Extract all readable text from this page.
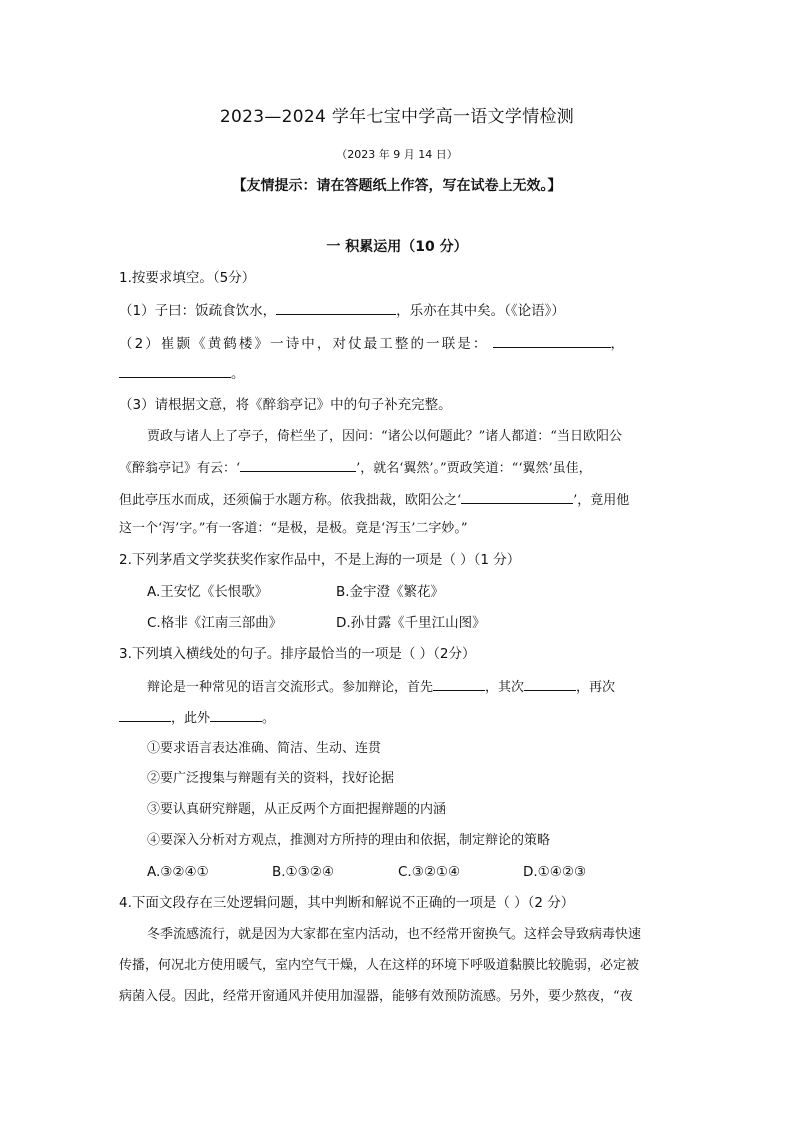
2023—2024 学年七宝中学高一语文学情检测
（2023 年 9 月 14 日）
【友情提示：请在答题纸上作答，写在试卷上无效。】
一 积累运用（10 分）
1.按要求填空。（5分）
（1）子曰：饭疏食饮水，	，乐亦在其中矣。（《论语》）
（2）崔颢《黄鹤楼》一诗中，对仗最工整的一联是：	，
。
（3）请根据文意，将《醉翁亭记》中的句子补充完整。
贾政与诸人上了亭子，倚栏坐了，因问：“诸公以何题此？”诸人都道：“当日欧阳公
《醉翁亭记》有云：‘	’，就名‘翼然’。”贾政笑道：“‘翼然’虽佳，
但此亭压水而成，还须偏于水题方称。依我拙裁，欧阳公之‘	’，竟用他
这一个‘泻’字。”有一客道：“是极，是极。竟是‘泻玉’二字妙。”
2.下列茅盾文学奖获奖作家作品中，不是上海的一项是（ ）（1 分）
A.王安忆《长恨歌》	B.金宇澄《繁花》
C.格非《江南三部曲》	D.孙甘露《千里江山图》
3.下列填入横线处的句子。排序最恰当的一项是（ ）（2分）
辩论是一种常见的语言交流形式。参加辩论，首先	，其次	，再次
，此外	。
①要求语言表达准确、简洁、生动、连贯
②要广泛搜集与辩题有关的资料，找好论据
③要认真研究辩题，从正反两个方面把握辩题的内涵
④要深入分析对方观点，推测对方所持的理由和依据，制定辩论的策略
A.③②④①	B.①③②④	C.③②①④	D.①④②③
4.下面文段存在三处逻辑问题，其中判断和解说不正确的一项是（ ）（2 分）
冬季流感流行，就是因为大家都在室内活动，也不经常开窗换气。这样会导致病毒快速
传播，何况北方使用暖气，室内空气干燥，人在这样的环境下呼吸道黏膜比较脆弱，必定被
病菌入侵。因此，经常开窗通风并使用加湿器，能够有效预防流感。另外，要少熬夜，“夜
